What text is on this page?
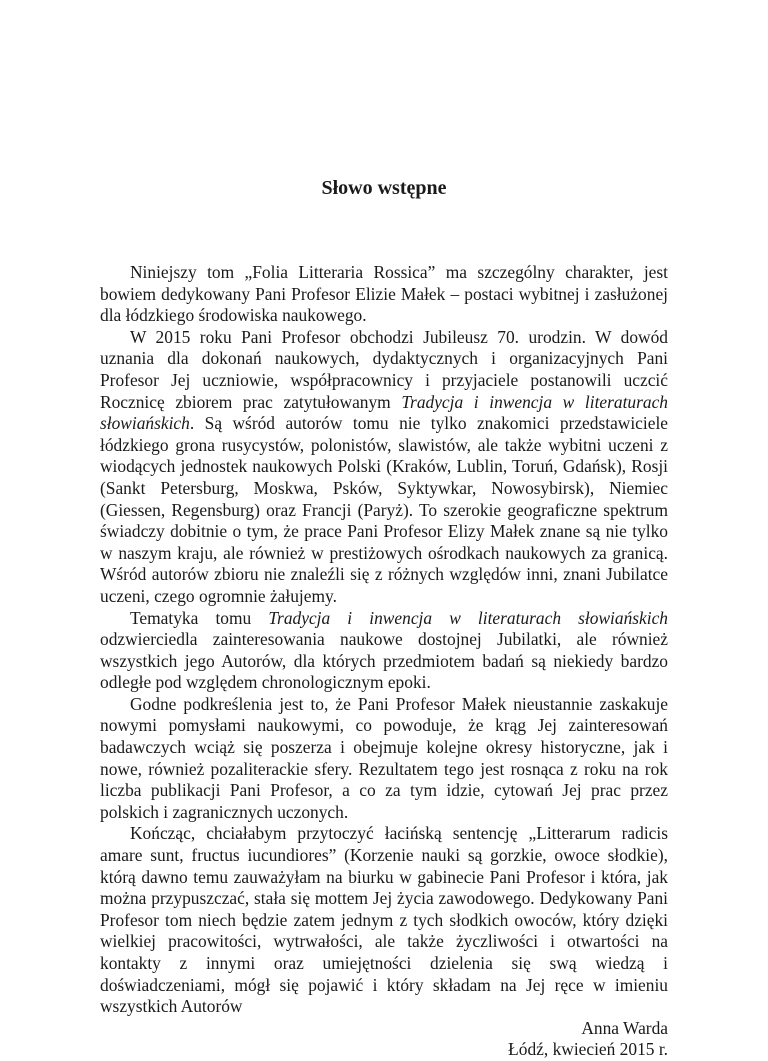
Słowo wstępne

Niniejszy tom „Folia Litteraria Rossica” ma szczególny charakter, jest bowiem dedykowany Pani Profesor Elizie Małek – postaci wybitnej i zasłużonej dla łódzkiego środowiska naukowego.

W 2015 roku Pani Profesor obchodzi Jubileusz 70. urodzin. W dowód uznania dla dokonań naukowych, dydaktycznych i organizacyjnych Pani Profesor Jej uczniowie, współpracownicy i przyjaciele postanowili uczcić Rocznicę zbiorem prac zatytułowanym Tradycja i inwencja w literaturach słowiańskich. Są wśród autorów tomu nie tylko znakomici przedstawiciele łódzkiego grona rusycystów, polonistów, slawistów, ale także wybitni uczeni z wiodących jednostek naukowych Polski (Kraków, Lublin, Toruń, Gdańsk), Rosji (Sankt Petersburg, Moskwa, Psków, Syktywkar, Nowosybirsk), Niemiec (Giessen, Regensburg) oraz Francji (Paryż). To szerokie geograficzne spektrum świadczy dobitnie o tym, że prace Pani Profesor Elizy Małek znane są nie tylko w naszym kraju, ale również w prestiżowych ośrodkach naukowych za granicą. Wśród autorów zbioru nie znaleźli się z różnych względów inni, znani Jubilatce uczeni, czego ogromnie żałujemy.

Tematyka tomu Tradycja i inwencja w literaturach słowiańskich odzwierciedla zainteresowania naukowe dostojnej Jubilatki, ale również wszystkich jego Autorów, dla których przedmiotem badań są niekiedy bardzo odległe pod względem chronologicznym epoki.

Godne podkreślenia jest to, że Pani Profesor Małek nieustannie zaskakuje nowymi pomysłami naukowymi, co powoduje, że krąg Jej zainteresowań badawczych wciąż się poszerza i obejmuje kolejne okresy historyczne, jak i nowe, również pozaliterackie sfery. Rezultatem tego jest rosnąca z roku na rok liczba publikacji Pani Profesor, a co za tym idzie, cytowań Jej prac przez polskich i zagranicznych uczonych.

Kończąc, chciałabym przytoczyć łacińską sentencję „Litterarum radicis amare sunt, fructus iucundiores” (Korzenie nauki są gorzkie, owoce słodkie), którą dawno temu zauważyłam na biurku w gabinecie Pani Profesor i która, jak można przypuszczać, stała się mottem Jej życia zawodowego. Dedykowany Pani Profesor tom niech będzie zatem jednym z tych słodkich owoców, który dzięki wielkiej pracowitości, wytrwałości, ale także życzliwości i otwartości na kontakty z innymi oraz umiejętności dzielenia się swą wiedzą i doświadczeniami, mógł się pojawić i który składam na Jej ręce w imieniu wszystkich Autorów

Anna Warda

Łódź, kwiecień 2015 r.
